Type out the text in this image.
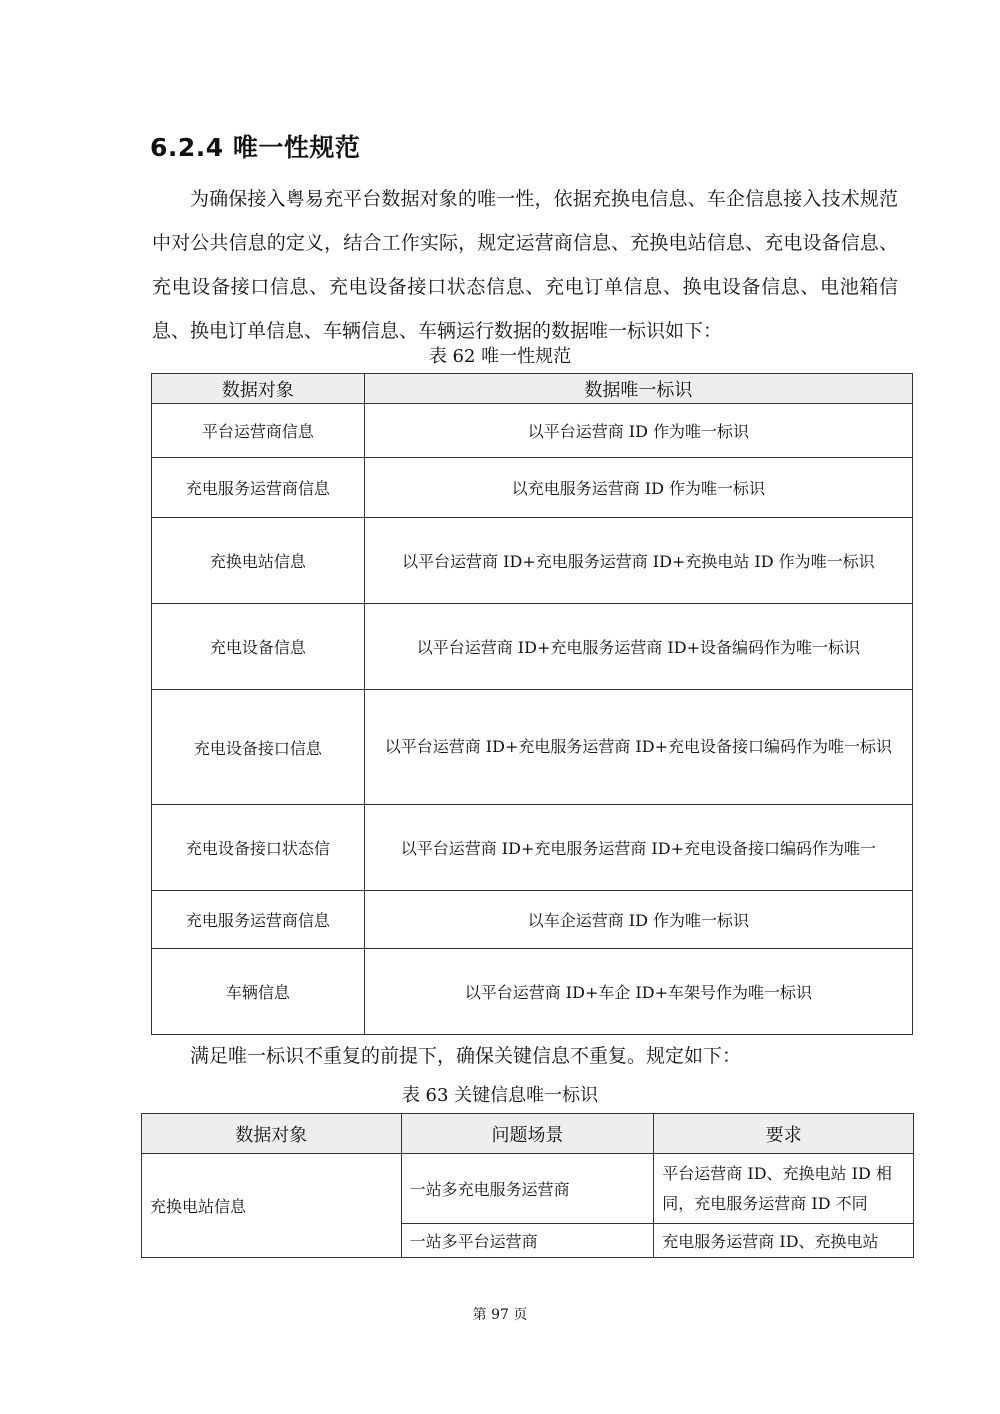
6.2.4 唯一性规范

为确保接入粤易充平台数据对象的唯一性，依据充换电信息、车企信息接入技术规范中对公共信息的定义，结合工作实际，规定运营商信息、充换电站信息、充电设备信息、充电设备接口信息、充电设备接口状态信息、充电订单信息、换电设备信息、电池箱信息、换电订单信息、车辆信息、车辆运行数据的数据唯一标识如下：

表 62 唯一性规范
数据对象	数据唯一标识
平台运营商信息	以平台运营商 ID 作为唯一标识
充电服务运营商信息	以充电服务运营商 ID 作为唯一标识
充换电站信息	以平台运营商 ID+充电服务运营商 ID+充换电站 ID 作为唯一标识
充电设备信息	以平台运营商 ID+充电服务运营商 ID+设备编码作为唯一标识
充电设备接口信息	以平台运营商 ID+充电服务运营商 ID+充电设备接口编码作为唯一标识
充电设备接口状态信	以平台运营商 ID+充电服务运营商 ID+充电设备接口编码作为唯一
充电服务运营商信息	以车企运营商 ID 作为唯一标识
车辆信息	以平台运营商 ID+车企 ID+车架号作为唯一标识
满足唯一标识不重复的前提下，确保关键信息不重复。规定如下：
表 63 关键信息唯一标识
数据对象	问题场景	要求
充换电站信息	一站多充电服务运营商	平台运营商 ID、充换电站 ID 相同，充电服务运营商 ID 不同
	一站多平台运营商	充电服务运营商 ID、充换电站
第 97 页
